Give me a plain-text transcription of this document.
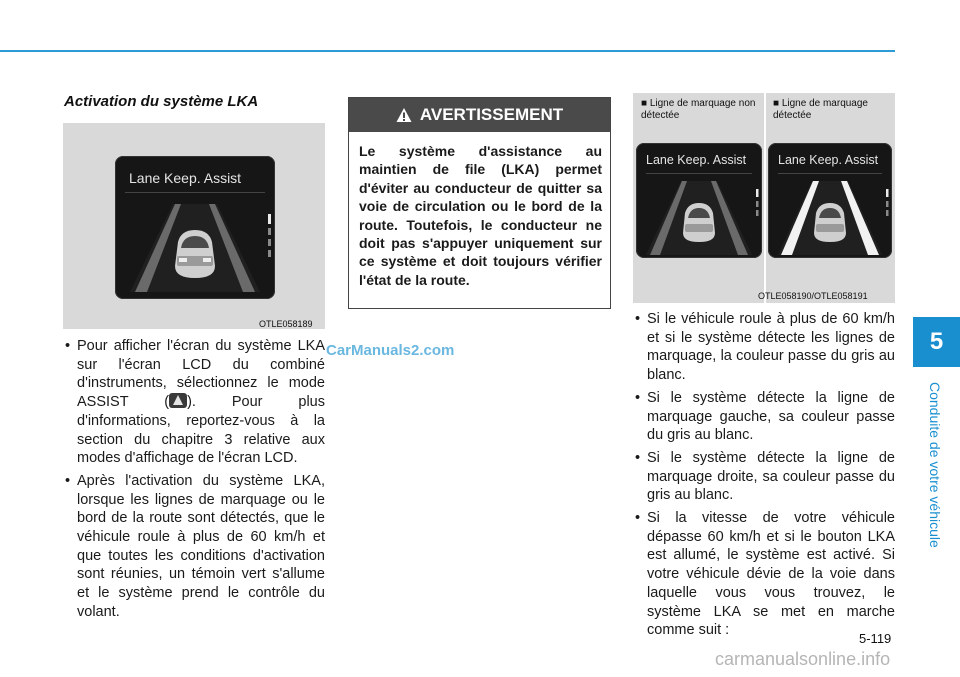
5
Conduite de votre véhicule
Activation du système LKA
Lane Keep. Assist
OTLE058189
• Pour afficher l'écran du système LKA sur l'écran LCD du combiné d'instruments, sélectionnez le mode ASSIST ( ). Pour plus d'informations, reportez-vous à la section du chapitre 3 relative aux modes d'affichage de l'écran LCD.
• Après l'activation du système LKA, lorsque les lignes de marquage ou le bord de la route sont détectés, que le véhicule roule à plus de 60 km/h et que toutes les conditions d'activation sont réunies, un témoin vert s'allume et le système prend le contrôle du volant.
AVERTISSEMENT
Le système d'assistance au maintien de file (LKA) permet d'éviter au conducteur de quitter sa voie de circulation ou le bord de la route. Toutefois, le conducteur ne doit pas s'appuyer uniquement sur ce système et doit toujours vérifier l'état de la route.
■ Ligne de marquage non détectée
■ Ligne de marquage détectée
Lane Keep. Assist	Lane Keep. Assist
OTLE058190/OTLE058191
• Si le véhicule roule à plus de 60 km/h et si le système détecte les lignes de marquage, la couleur passe du gris au blanc.
• Si le système détecte la ligne de marquage gauche, sa couleur passe du gris au blanc.
• Si le système détecte la ligne de marquage droite, sa couleur passe du gris au blanc.
• Si la vitesse de votre véhicule dépasse 60 km/h et si le bouton LKA est allumé, le système est activé. Si votre véhicule dévie de la voie dans laquelle vous vous trouvez, le système LKA se met en marche comme suit :
5-119
CarManuals2.com
carmanualsonline.info
